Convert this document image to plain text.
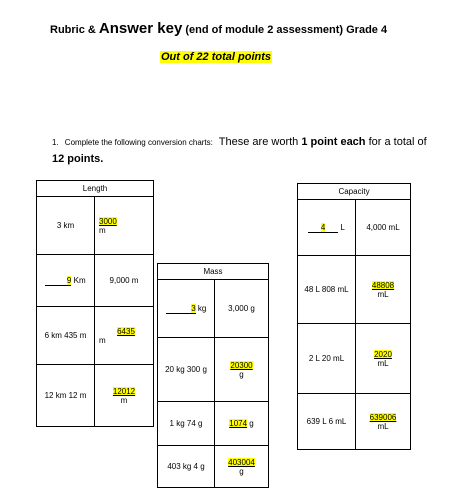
Rubric & Answer key (end of module 2 assessment) Grade 4
Out of 22 total points
1. Complete the following conversion charts: These are worth 1 point each for a total of 12 points.
Length	
3 km	3000
m

9 Km	9,000 m
6 km 435 m	6435
m

12 km 12 m	12012
m
Mass	
3 kg	3,000 g
20 kg 300 g	20300
g

1 kg 74 g	1074 g
403 kg 4 g	403004
g
Capacity	
4 L	4,000 mL
48 L 808 mL	48808
mL

2 L 20 mL	2020
mL

639 L 6 mL	639006
mL
